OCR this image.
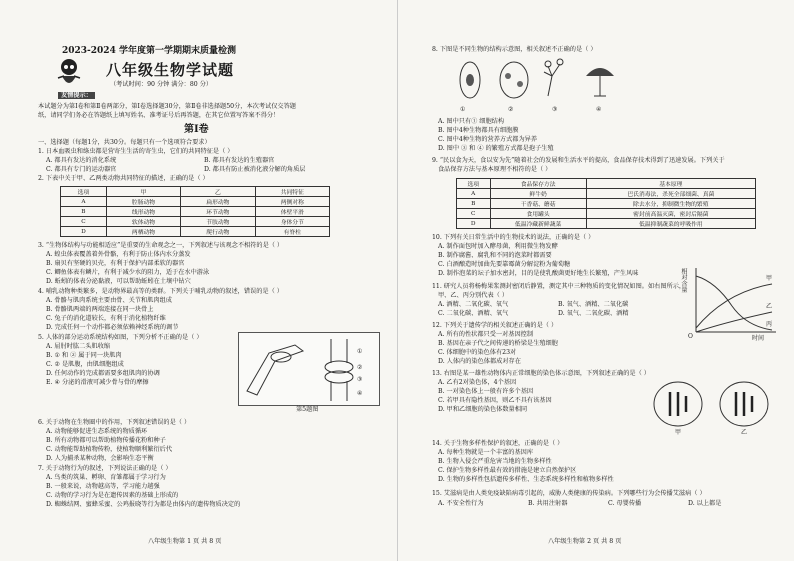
2023-2024 学年度第一学期期末质量检测
八年级生物学试题
（考试时间：90 分钟 满分：80 分）
友情提示：
本试题分为第Ⅰ卷和第Ⅱ卷两部分，第Ⅰ卷选择题30分，第Ⅱ卷非选择题50分，本次考试仅交答题
纸，请同学们务必在答题纸上填写姓名、准考证号后再答题，在其它位置写答案不得分！
第Ⅰ卷
一、选择题（每题1分，共30分。每题只有一个选项符合要求）
1. 日本血吸虫和绦虫都是营寄生生活的寄生虫，它们的共同特征是（ ）
A. 都具有发达的消化系统	B. 都具有发达的生殖器官
C. 都具有专门的运动器官	D. 都具有防止被消化液分解的角质层
2. 下表中关于甲、乙两类动物共同特征的描述，正确的是（ ）
选项	甲	乙	共同特征
A	腔肠动物	扁形动物	两侧对称
B	线形动物	环节动物	体壁平滑
C	软体动物	节肢动物	身体分节
D	两栖动物	爬行动物	有脊柱
3. “生物体结构与功能相适应”是重要的生命观念之一，下列叙述与该观念不相符的是（ ）
A. 蝗虫体表覆盖着外骨骼，有利于防止体内水分蒸发
B. 扇贝有坚硬的贝壳，有利于保护内部柔软的器官
C. 鲫鱼体表有鳞片，有利于减少水的阻力，适于在水中游泳
D. 蚯蚓的体表分泌黏液，可以帮助蚯蚓在土壤中钻穴
4. 哺乳动物种类繁多，是动物界最高等的类群。下列关于哺乳动物的叙述，错误的是（ ）
A. 骨骼与肌肉系统主要由骨、关节和肌肉组成
B. 骨骼肌两端的两端连接在同一块骨上
C. 兔子的消化道较长，有利于消化植物纤维
D. 完成任何一个动作都必须依赖神经系统的调节
5. 人体的部分运动系统结构如图，下列分析不正确的是（ ）
A. 屈肘时肱二头肌收缩
B. ① 和 ② 属于同一块肌肉
C. ② 是肌腹，由肌细胞组成
D. 任何动作的完成都需要多组肌肉的协调
E. ④ 分泌的滑液可减少骨与骨的摩擦
①
②
③
④
第5题图
6. 关于动物在生物圈中的作用，下列叙述错误的是（ ）
A. 动物能够促进生态系统的物质循环
B. 所有动物都可以帮助植物传播花粉和种子
C. 动物能帮助植物传粉，使植物顺利繁衍后代
D. 人为捕杀某种动物，会影响生态平衡
7. 关于动物行为的叙述，下列说法正确的是（ ）
A. 鸟类的筑巢、孵卵、育雏都属于学习行为
B. 一般来说，动物越高等，学习能力越强
C. 动物的学习行为是在遗传因素的基础上形成的
D. 蜘蛛结网、蜜蜂采蜜、公鸡报晓等行为都是由体内的遗传物质决定的
八年级生物第 1 页 共 8 页
8. 下图是不同生物的结构示意图，相关叙述不正确的是（ ）
①	②	③	④
A. 图中只有① 细胞结构
B. 图中4种生物都具有细胞膜
C. 图中4种生物的营养方式都为异养
D. 图中 ③ 和 ④ 的繁殖方式都是孢子生殖
9. “民以食为天，食以安为先”随着社会的发展和生活水平的提高，食品保存技术得到了迅速发展。下列关于
食品保存方法与基本原理不相符的是（ ）
选项	食品保存方法	基本原理
A	鲜牛奶	巴氏消毒法，杀死全部细菌、真菌
B	干香菇、蘑菇	除去水分，抑制微生物的繁殖
C	食用罐头	密封前高温灭菌，密封后隔菌
D	低温冷藏新鲜蔬菜	低温抑制蔬菜的呼吸作用
10. 下列有关日常生活中的生物技术的说法，正确的是（ ）
A. 制作面包时加入酵母菌，利用微生物发酵
B. 制作腐酱、腐乳和不同的泡菜时都需要
C. 白酒酿造时加曲先要靠霉菌分解淀粉为葡萄糖
D. 制作泡菜的坛子加水密封，目的是使乳酸菌更好地生长繁殖，产生风味
11. 研究人员将杨梅果浆测封密闭后静置，测定其中三种物质的变化情况如图。如右图所示，
甲、乙、丙分别代表（ ）
A. 酒精、二氧化碳、氧气	B. 氧气、酒精、二氧化碳
C. 二氧化碳、酒精、氧气	D. 氧气、二氧化碳、酒精
甲
乙
丙
O	时间
相对含量
12. 下列关于遗传学的相关叙述正确的是（ ）
A. 所有的性状都只受一对基因控制
B. 基因在亲子代之间传递的桥梁是生殖细胞
C. 体细胞中的染色体有23对
D. 人体内的染色体都成对存在
13. 右图是某一雄性动物体内正常细胞的染色体示意图，下列叙述正确的是（ ）
A. 乙有2对染色体，4个基因
B. 一对染色体上一般有许多个基因
C. 若甲具有隐性基因，则乙不具有该基因
D. 甲和乙细胞的染色体数量相同
甲	乙
14. 关于生物多样性保护的叙述，正确的是（ ）
A. 每种生物就是一个丰富的基因库
B. 生物入侵会严重危害当地的生物多样性
C. 保护生物多样性最有效的措施是建立自然保护区
D. 生物的多样性包括遗传多样性、生态系统多样性和植物多样性
15. 艾滋病是由人类免疫缺陷病毒引起的，威胁人类健康的传染病。下列哪些行为会传播艾滋病（ ）
A. 不安全性行为	B. 共用注射器	C. 母婴传播	D. 以上都是
八年级生物第 2 页 共 8 页
